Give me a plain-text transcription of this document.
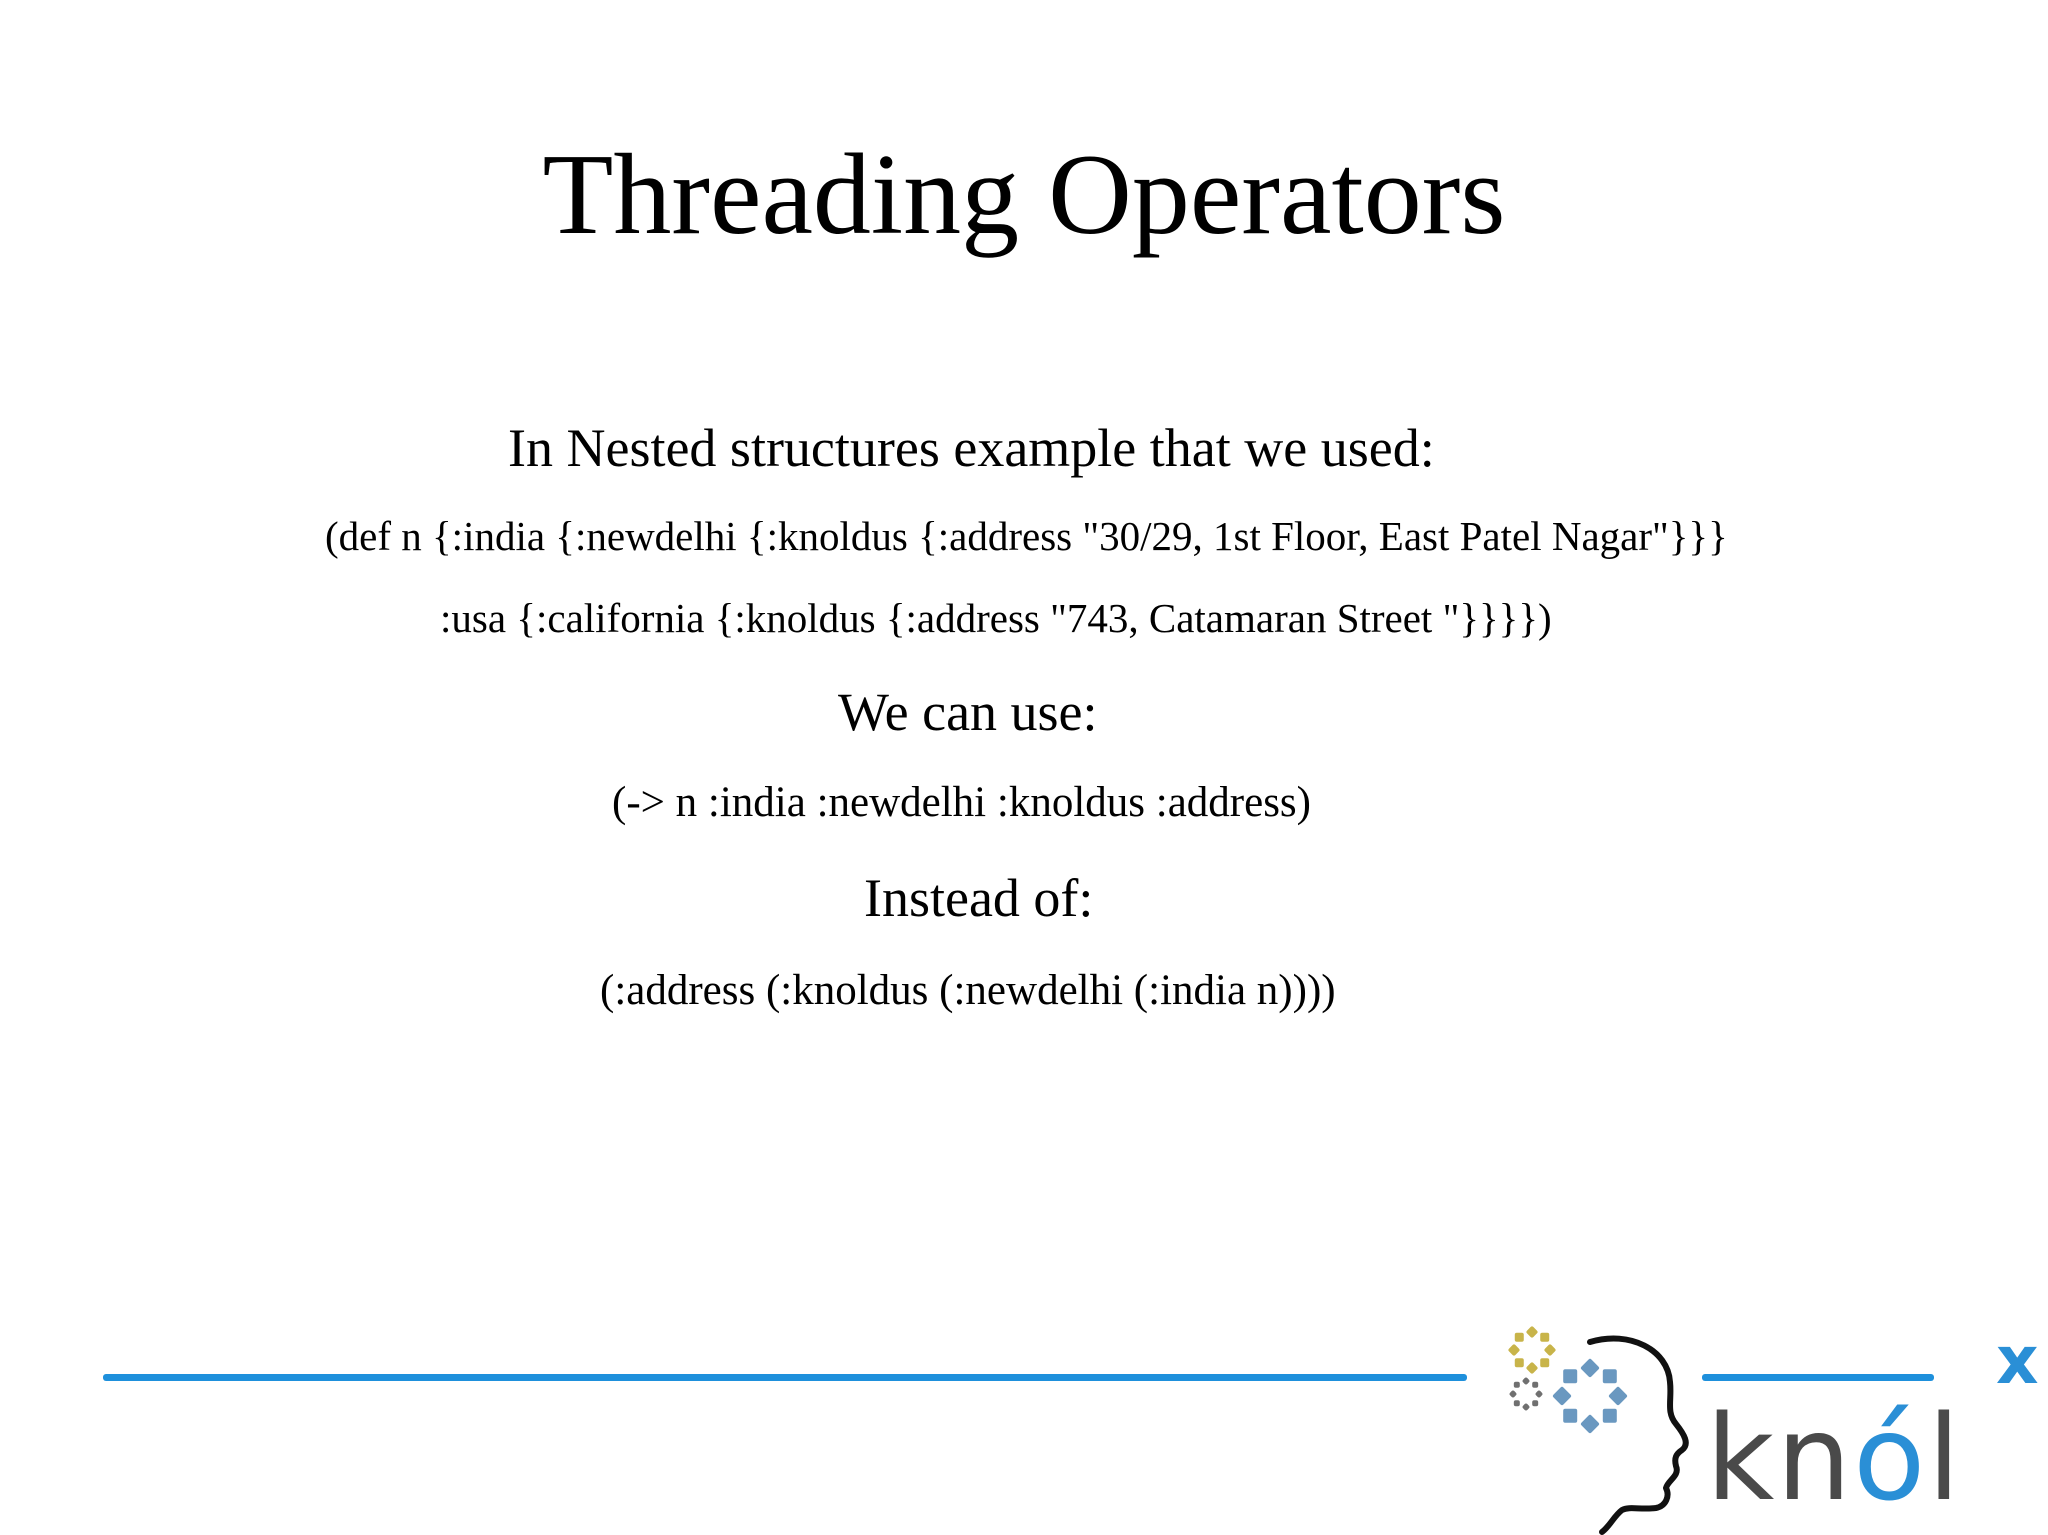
Threading Operators

In Nested structures example that we used:

(def n {:india {:newdelhi {:knoldus {:address "30/29, 1st Floor, East Patel Nagar"}}}

:usa {:california {:knoldus {:address "743, Catamaran Street "}}}})

We can use:

(-> n :india :newdelhi :knoldus :address)

Instead of:

(:address (:knoldus (:newdelhi (:india n))))

knól
x
